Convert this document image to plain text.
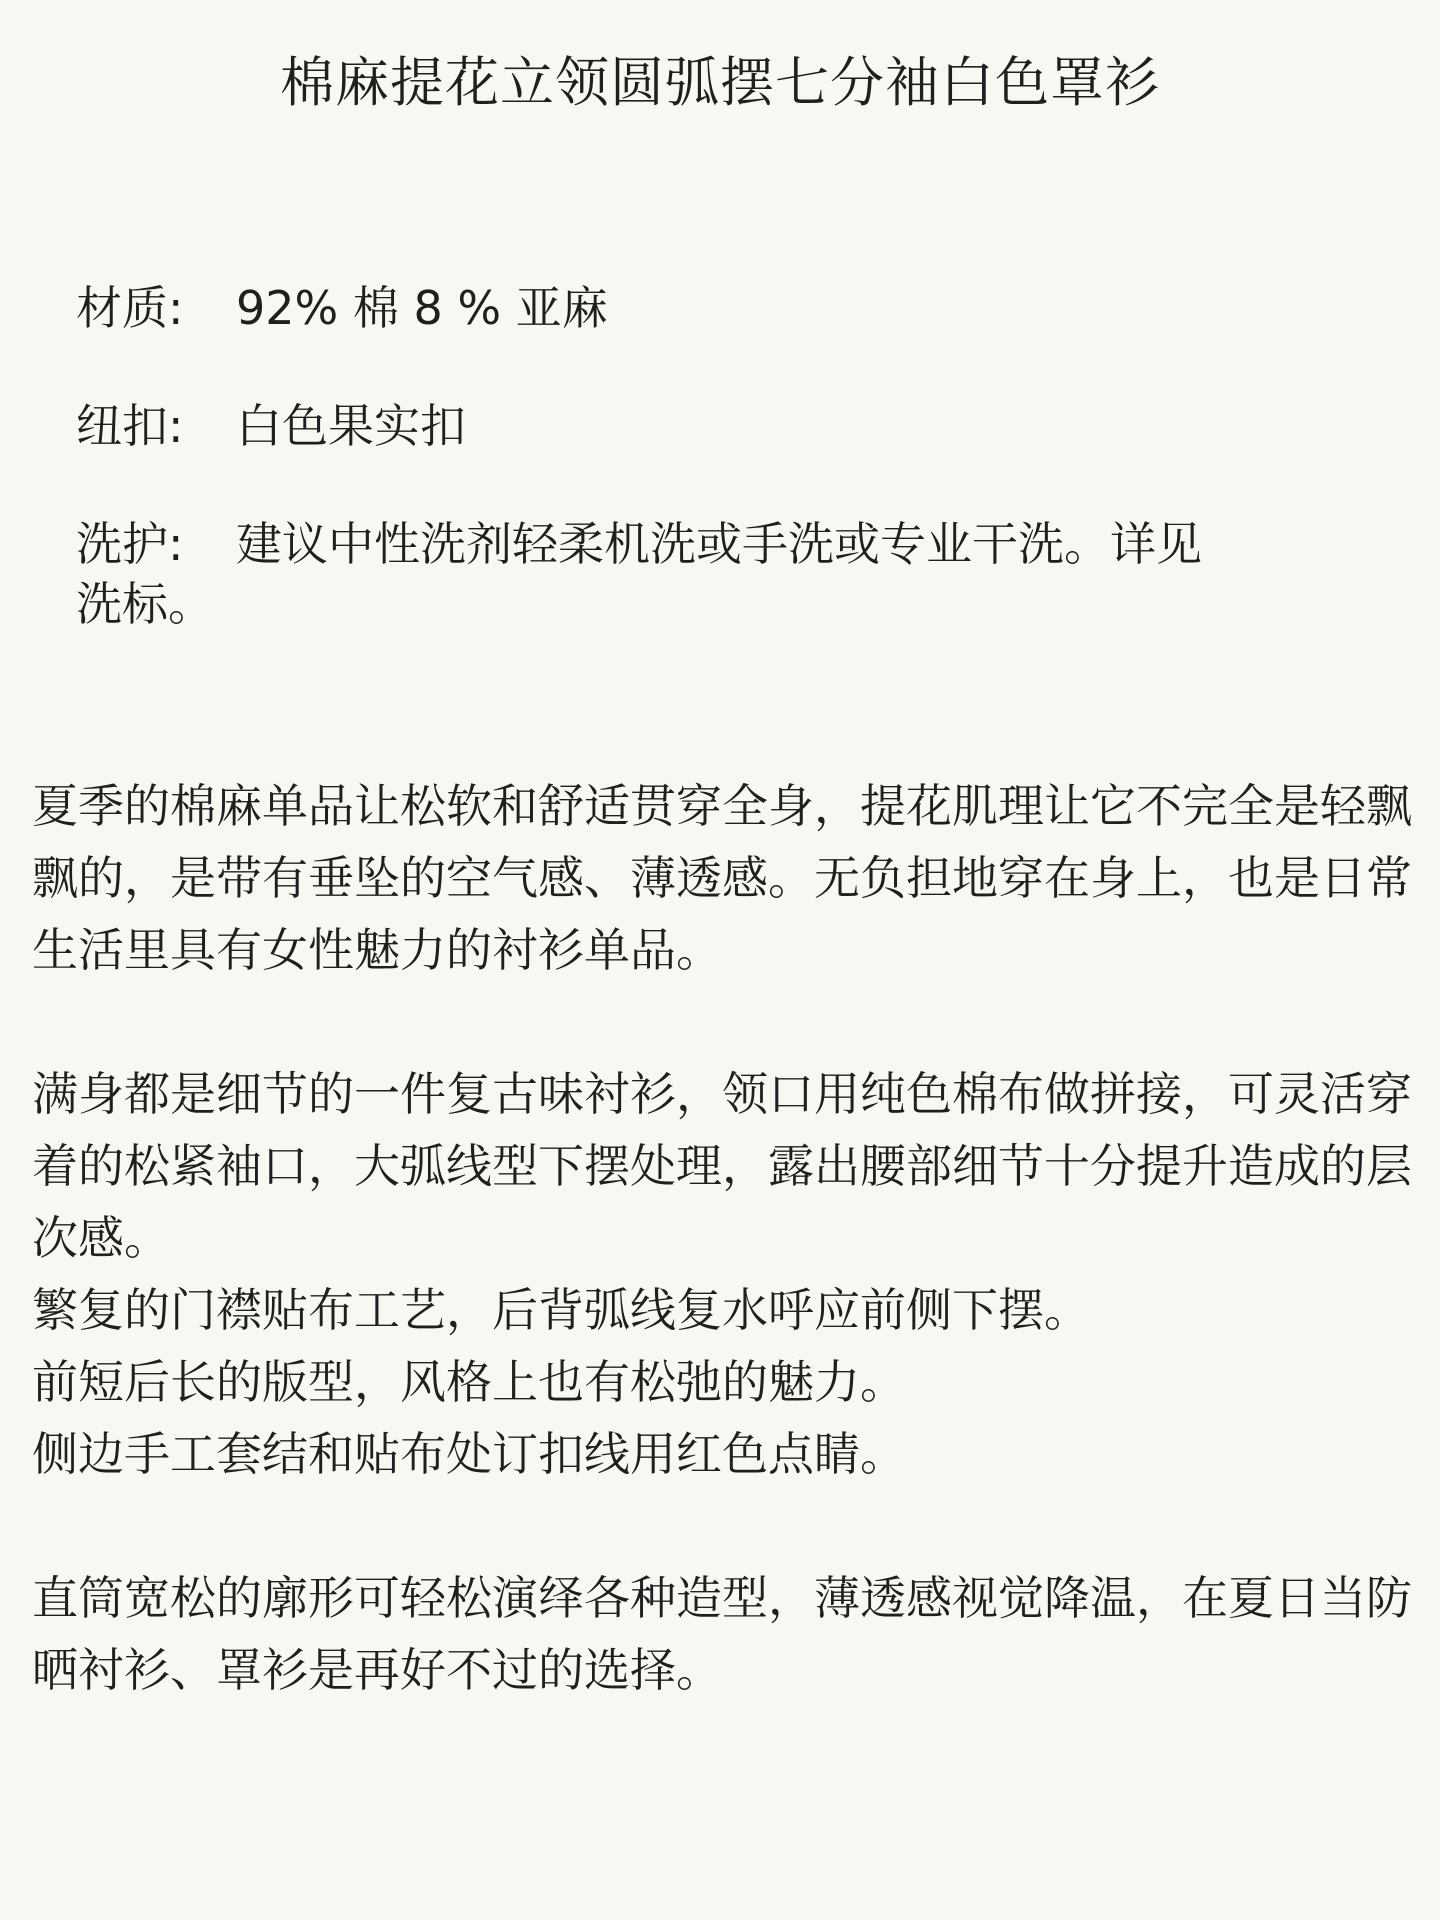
棉麻提花立领圆弧摆七分袖白色罩衫
材质: 92% 棉 8 % 亚麻
纽扣: 白色果实扣
洗护: 建议中性洗剂轻柔机洗或手洗或专业干洗。详见洗标。

夏季的棉麻单品让松软和舒适贯穿全身，提花肌理让它不完全是轻飘飘的，是带有垂坠的空气感、薄透感。无负担地穿在身上，也是日常生活里具有女性魅力的衬衫单品。

满身都是细节的一件复古味衬衫，领口用纯色棉布做拼接，可灵活穿着的松紧袖口，大弧线型下摆处理，露出腰部细节十分提升造成的层次感。

繁复的门襟贴布工艺，后背弧线复水呼应前侧下摆。

前短后长的版型，风格上也有松弛的魅力。

侧边手工套结和贴布处订扣线用红色点睛。

直筒宽松的廓形可轻松演绎各种造型，薄透感视觉降温，在夏日当防晒衬衫、罩衫是再好不过的选择。
